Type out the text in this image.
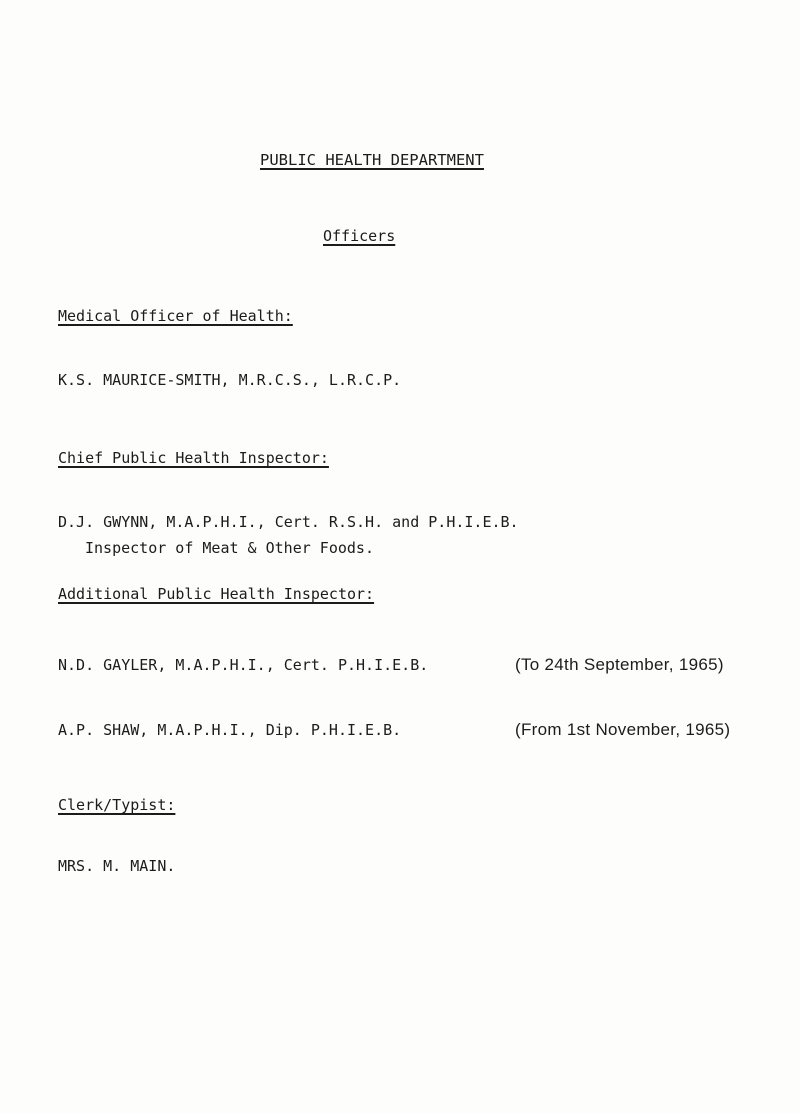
PUBLIC HEALTH DEPARTMENT
Officers
Medical Officer of Health:
K.S. MAURICE-SMITH, M.R.C.S., L.R.C.P.
Chief Public Health Inspector:
D.J. GWYNN, M.A.P.H.I., Cert. R.S.H. and P.H.I.E.B.
Inspector of Meat & Other Foods.
Additional Public Health Inspector:
N.D. GAYLER, M.A.P.H.I., Cert. P.H.I.E.B.	(To 24th September, 1965)
A.P. SHAW, M.A.P.H.I., Dip. P.H.I.E.B.	(From 1st November, 1965)
Clerk/Typist:
MRS. M. MAIN.
